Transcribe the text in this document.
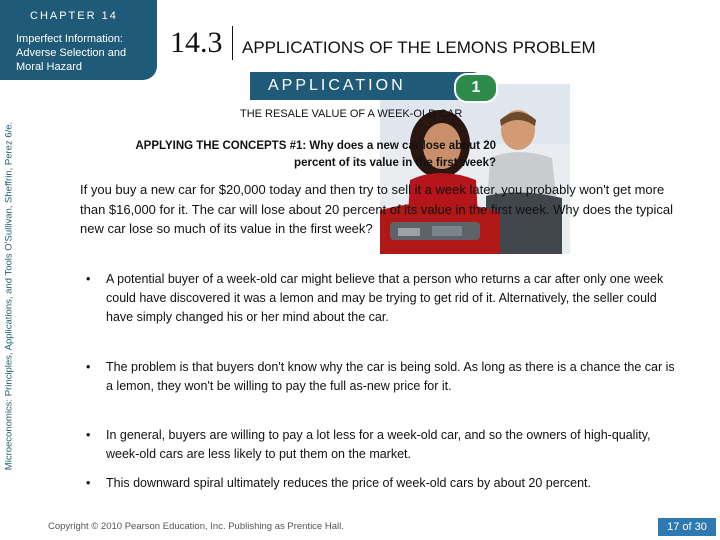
CHAPTER 14
Imperfect Information: Adverse Selection and Moral Hazard
14.3 APPLICATIONS OF THE LEMONS PROBLEM
Microeconomics: Principles, Applications, and Tools O'Sullivan, Sheffrin, Perez 6/e.
APPLICATION	1
THE RESALE VALUE OF A WEEK-OLD CAR
APPLYING THE CONCEPTS #1: Why does a new car lose about 20 percent of its value in the first week?
If you buy a new car for $20,000 today and then try to sell it a week later, you probably won't get more than $16,000 for it. The car will lose about 20 percent of its value in the first week. Why does the typical new car lose so much of its value in the first week?
•	A potential buyer of a week-old car might believe that a person who returns a car after only one week could have discovered it was a lemon and may be trying to get rid of it. Alternatively, the seller could have simply changed his or her mind about the car.
•	The problem is that buyers don't know why the car is being sold. As long as there is a chance the car is a lemon, they won't be willing to pay the full as-new price for it.
•	In general, buyers are willing to pay a lot less for a week-old car, and so the owners of high-quality, week-old cars are less likely to put them on the market.
•	This downward spiral ultimately reduces the price of week-old cars by about 20 percent.
Copyright © 2010 Pearson Education, Inc. Publishing as Prentice Hall.	17 of 30
